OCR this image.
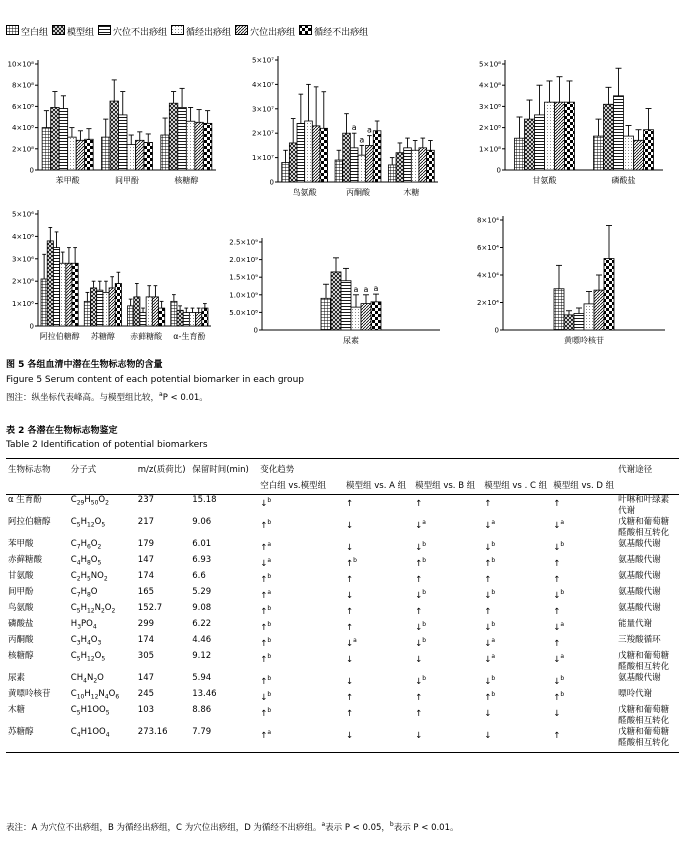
空白组 模型组 穴位不出痧组 循经出痧组 穴位出痧组 循经不出痧组
0
2×10⁸
4×10⁸
6×10⁸
8×10⁸
10×10⁸
苯甲酸	间甲酚	核糖醇	0
1×10⁷
2×10⁷
3×10⁷
4×10⁷
5×10⁷
鸟氨酸	丙酮酸	木糖
a
a
a
0
1×10⁸
2×10⁸
3×10⁸
4×10⁸
5×10⁸
甘氨酸	磷酸盐
0
1×10⁶
2×10⁶
3×10⁶
4×10⁶
5×10⁶
阿拉伯糖醇 苏糖醇 赤藓糖酸 α-生育酚
0
5.0×10⁸
1.0×10⁹
1.5×10⁹
2.0×10⁹
2.5×10⁹
尿素
a a a
0
2×10⁴
4×10⁴
6×10⁴
8×10⁴
黄嘌呤核苷
图 5 各组血清中潜在生物标志物的含量
Figure 5 Serum content of each potential biomarker in each group
图注：纵坐标代表峰高。与模型组比较，$^a$P < 0.01。
表 2 各潜在生物标志物鉴定
Table 2 Identification of potential biomarkers
生物标志物	分子式	m/z(质荷比)	保留时间(min)	变化趋势					代谢途径
				空白组 vs.模型组	模型组 vs. A 组	模型组 vs. B 组	模型组 vs . C 组	模型组 vs. D 组	
α 生育酚	$C_{29}H_{50}O_2$	237	15.18	↓$^b$	↑	↑	↑	↑	叶啉和叶绿素代谢
阿拉伯糖醇	$C_5H_{12}O_5$	217	9.06	↑$^b$	↓	↓$^a$	↓$^a$	↓$^a$	戊糖和葡萄糖醛酸相互转化
苯甲酸	$C_7H_6O_2$	179	6.01	↑$^a$	↓	↓$^b$	↓$^b$	↓$^b$	氨基酸代谢
赤藓糖酸	$C_4H_8O_5$	147	6.93	↓$^a$	↑$^b$	↑$^b$	↑$^b$	↑	氨基酸代谢
甘氨酸	$C_2H_5NO_2$	174	6.6	↑$^b$	↑	↑	↑	↑	氨基酸代谢
间甲酚	$C_7H_8O$	165	5.29	↑$^a$	↓	↓$^b$	↓$^b$	↓$^b$	氨基酸代谢
鸟氨酸	$C_5H_{12}N_2O_2$	152.7	9.08	↑$^b$	↑	↑	↑	↑	氨基酸代谢
磷酸盐	$H_3PO_4$	299	6.22	↑$^b$	↑	↓$^b$	↓$^b$	↓$^a$	能量代谢
丙酮酸	$C_3H_4O_3$	174	4.46	↑$^b$	↓$^a$	↓$^b$	↓$^a$	↑	三羧酸循环
核糖醇	$C_5H_{12}O_5$	305	9.12	↑$^b$	↓	↓	↓$^a$	↓$^a$	戊糖和葡萄糖醛酸相互转化
尿素	$CH_4N_2O$	147	5.94	↑$^b$	↓	↓$^b$	↓$^b$	↓$^b$	氨基酸代谢
黄嘌呤核苷	$C_{10}H_{12}N_4O_6$	245	13.46	↓$^b$	↑	↑	↑$^b$	↑$^b$	嘌呤代谢
木糖	$C_5H1OO_5$	103	8.86	↑$^b$	↑	↑	↓	↓	戊糖和葡萄糖醛酸相互转化
苏糖醇	$C_4H1OO_4$	273.16	7.79	↑$^a$	↓	↓	↓	↑	戊糖和葡萄糖醛酸相互转化
表注：A 为穴位不出痧组，B 为循经出痧组，C 为穴位出痧组，D 为循经不出痧组。$^a$表示 P < 0.05，$^b$表示 P < 0.01。
